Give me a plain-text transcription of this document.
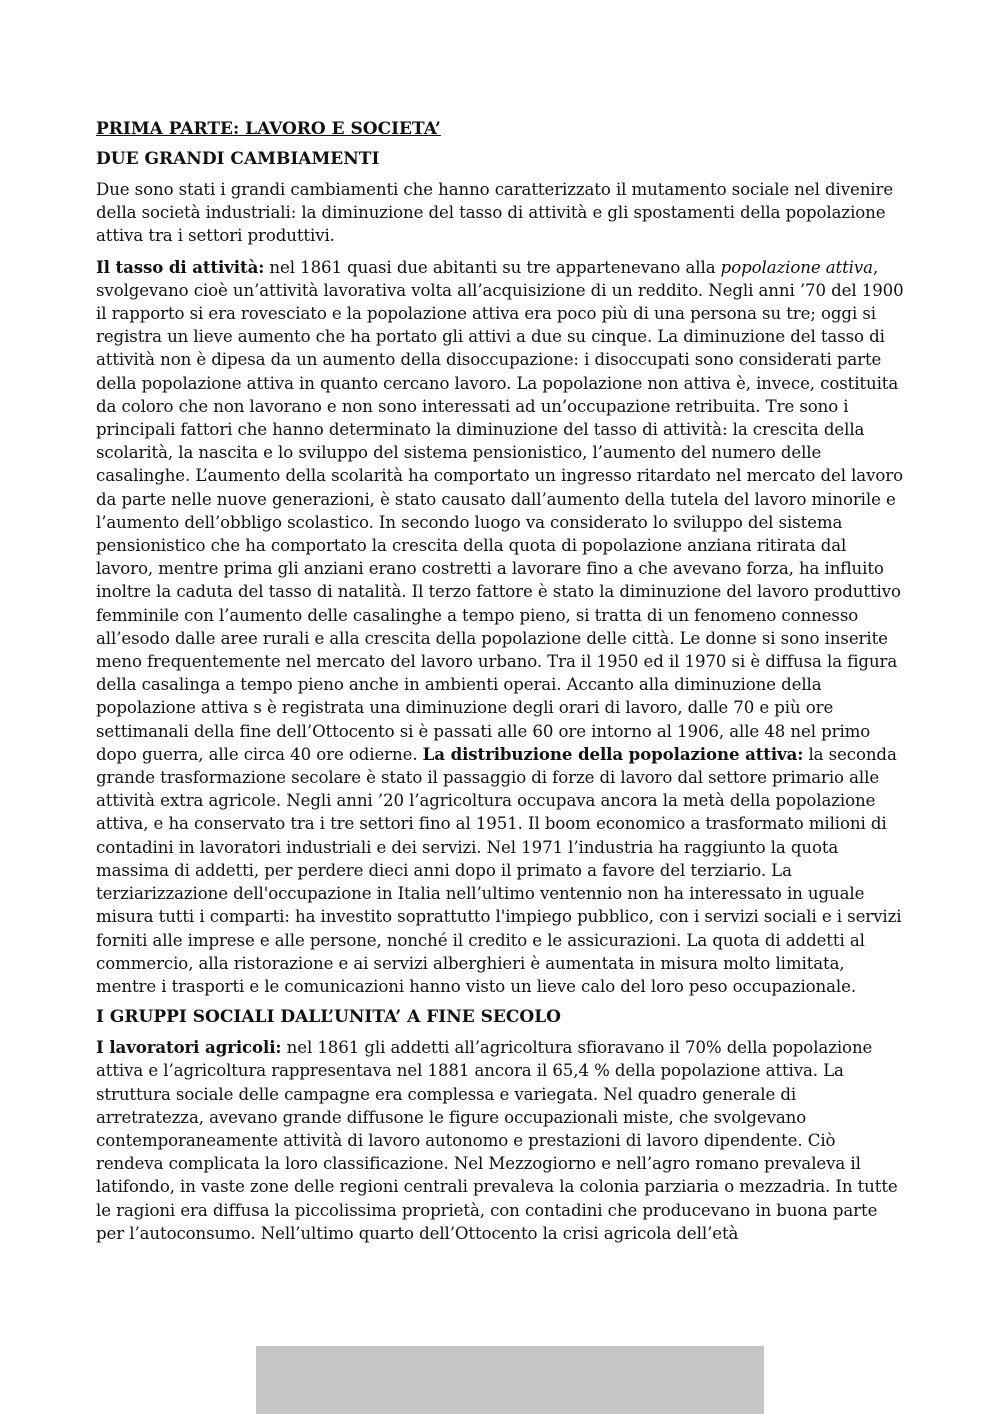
PRIMA PARTE: LAVORO E SOCIETA’
DUE GRANDI CAMBIAMENTI

Due sono stati i grandi cambiamenti che hanno caratterizzato il mutamento sociale nel divenire della società industriali: la diminuzione del tasso di attività e gli spostamenti della popolazione attiva tra i settori produttivi.

Il tasso di attività: nel 1861 quasi due abitanti su tre appartenevano alla popolazione attiva, svolgevano cioè un’attività lavorativa volta all’acquisizione di un reddito. Negli anni ’70 del 1900 il rapporto si era rovesciato e la popolazione attiva era poco più di una persona su tre; oggi si registra un lieve aumento che ha portato gli attivi a due su cinque. La diminuzione del tasso di attività non è dipesa da un aumento della disoccupazione: i disoccupati sono considerati parte della popolazione attiva in quanto cercano lavoro. La popolazione non attiva è, invece, costituita da coloro che non lavorano e non sono interessati ad un’occupazione retribuita. Tre sono i principali fattori che hanno determinato la diminuzione del tasso di attività: la crescita della scolarità, la nascita e lo sviluppo del sistema pensionistico, l’aumento del numero delle casalinghe. L’aumento della scolarità ha comportato un ingresso ritardato nel mercato del lavoro da parte nelle nuove generazioni, è stato causato dall’aumento della tutela del lavoro minorile e l’aumento dell’obbligo scolastico. In secondo luogo va considerato lo sviluppo del sistema pensionistico che ha comportato la crescita della quota di popolazione anziana ritirata dal lavoro, mentre prima gli anziani erano costretti a lavorare fino a che avevano forza, ha influito inoltre la caduta del tasso di natalità. Il terzo fattore è stato la diminuzione del lavoro produttivo femminile con l’aumento delle casalinghe a tempo pieno, si tratta di un fenomeno connesso all’esodo dalle aree rurali e alla crescita della popolazione delle città. Le donne si sono inserite meno frequentemente nel mercato del lavoro urbano. Tra il 1950 ed il 1970 si è diffusa la figura della casalinga a tempo pieno anche in ambienti operai. Accanto alla diminuzione della popolazione attiva s è registrata una diminuzione degli orari di lavoro, dalle 70 e più ore settimanali della fine dell’Ottocento si è passati alle 60 ore intorno al 1906, alle 48 nel primo dopo guerra, alle circa 40 ore odierne. La distribuzione della popolazione attiva: la seconda grande trasformazione secolare è stato il passaggio di forze di lavoro dal settore primario alle attività extra agricole. Negli anni ’20 l’agricoltura occupava ancora la metà della popolazione attiva, e ha conservato tra i tre settori fino al 1951. Il boom economico a trasformato milioni di contadini in lavoratori industriali e dei servizi. Nel 1971 l’industria ha raggiunto la quota massima di addetti, per perdere dieci anni dopo il primato a favore del terziario. La terziarizzazione dell'occupazione in Italia nell’ultimo ventennio non ha interessato in uguale misura tutti i comparti: ha investito soprattutto l'impiego pubblico, con i servizi sociali e i servizi forniti alle imprese e alle persone, nonché il credito e le assicurazioni. La quota di addetti al commercio, alla ristorazione e ai servizi alberghieri è aumentata in misura molto limitata, mentre i trasporti e le comunicazioni hanno visto un lieve calo del loro peso occupazionale.

I GRUPPI SOCIALI DALL’UNITA’ A FINE SECOLO

I lavoratori agricoli: nel 1861 gli addetti all’agricoltura sfioravano il 70% della popolazione attiva e l’agricoltura rappresentava nel 1881 ancora il 65,4 % della popolazione attiva. La struttura sociale delle campagne era complessa e variegata. Nel quadro generale di arretratezza, avevano grande diffusone le figure occupazionali miste, che svolgevano contemporaneamente attività di lavoro autonomo e prestazioni di lavoro dipendente. Ciò rendeva complicata la loro classificazione. Nel Mezzogiorno e nell’agro romano prevaleva il latifondo, in vaste zone delle regioni centrali prevaleva la colonia parziaria o mezzadria. In tutte le ragioni era diffusa la piccolissima proprietà, con contadini che producevano in buona parte per l’autoconsumo. Nell’ultimo quarto dell’Ottocento la crisi agricola dell’età
